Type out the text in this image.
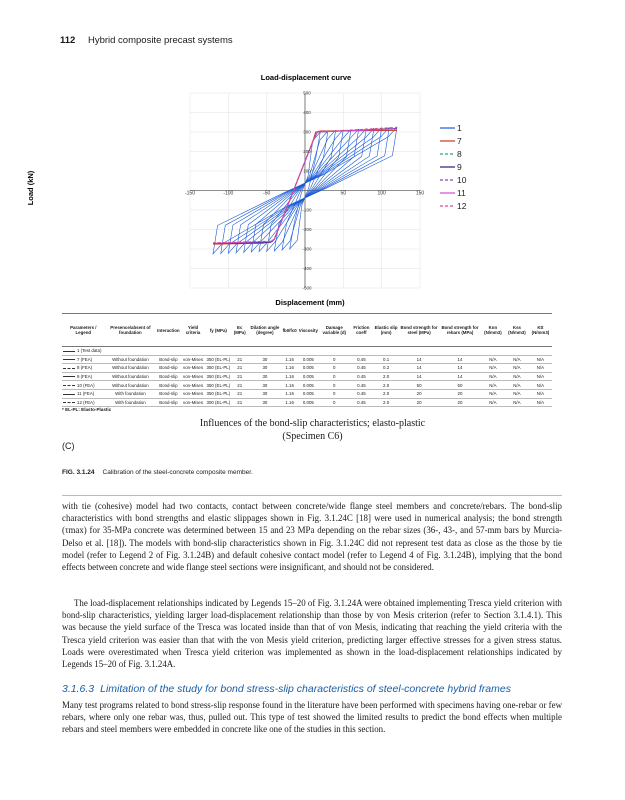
112 Hybrid composite precast systems
Load-displacement curve
-150	-100	-50	50	100	150
500
400
300
200
100
-100
-200
-300
-400
-500
Displacement (mm)
Load (kN)
1
7
8
9
10
11
12
Parameters / Legend	Presence/absent of foundation	Interaction	Yield criteria	fy (MPa)	Ec (MPa)	Dilation angle (degree)	fb0/fc0	Viscosity	Damage variable (d)	Friction coeff	Elastic slip (mm)	Bond strength for steel (MPa)	Bond strength for rebars (MPa)	Knn (N/mm3)	Kss (N/mm3)	Ktt (N/mm3)
1 (Test data)																
7 (FEA)	Without foundation	Bond-slip	von-Mises	350 (EL-PL)	21	30	1.16	0.005	0	0.45	0.1	14	14	N/A	N/A	N/A
8 (FEA)	Without foundation	Bond-slip	von-Mises	350 (EL-PL)	21	30	1.16	0.005	0	0.45	0.2	14	14	N/A	N/A	N/A
9 (FEA)	Without foundation	Bond-slip	von-Mises	350 (EL-PL)	21	30	1.16	0.005	0	0.45	2.0	14	14	N/A	N/A	N/A
10 (FEA)	Without foundation	Bond-slip	von-Mises	350 (EL-PL)	21	30	1.16	0.005	0	0.45	2.0	50	50	N/A	N/A	N/A
11 (FEA)	With foundation	Bond-slip	von-Mises	350 (EL-PL)	21	30	1.16	0.005	0	0.45	2.0	20	20	N/A	N/A	N/A
12 (FEA)	With foundation	Bond-slip	von-Mises	300 (EL-PL)	21	30	1.16	0.005	0	0.45	2.0	20	20	N/A	N/A	N/A
* EL-PL: Elasto-Plastic
Influences of the bond-slip characteristics; elasto-plastic
(Specimen C6)
(C)
FIG. 3.1.24 Calibration of the steel-concrete composite member.
with tie (cohesive) model had two contacts, contact between concrete/wide flange steel members and concrete/rebars. The bond-slip characteristics with bond strengths and elastic slippages shown in Fig. 3.1.24C [18] were used in numerical analysis; the bond strength (τmax) for 35-MPa concrete was determined between 15 and 23 MPa depending on the rebar sizes (36-, 43-, and 57-mm bars by Murcia-Delso et al. [18]). The models with bond-slip characteristics shown in Fig. 3.1.24C did not represent test data as close as the those by tie model (refer to Legend 2 of Fig. 3.1.24B) and default cohesive contact model (refer to Legend 4 of Fig. 3.1.24B), implying that the bond effects between concrete and wide flange steel sections were insignificant, and should not be considered.
The load-displacement relationships indicated by Legends 15–20 of Fig. 3.1.24A were obtained implementing Tresca yield criterion with bond-slip characteristics, yielding larger load-displacement relationship than those by von Mesis criterion (refer to Section 3.1.4.1). This was because the yield surface of the Tresca was located inside than that of von Mesis, indicating that reaching the yield criteria with the Tresca yield criterion was easier than that with the von Mesis yield criterion, predicting larger effective stresses for a given stress status. Loads were overestimated when Tresca yield criterion was implemented as shown in the load-displacement relationships indicated by Legends 15–20 of Fig. 3.1.24A.
3.1.6.3 Limitation of the study for bond stress-slip characteristics of steel-concrete hybrid frames
Many test programs related to bond stress-slip response found in the literature have been performed with specimens having one-rebar or few rebars, where only one rebar was, thus, pulled out. This type of test showed the limited results to predict the bond effects when multiple rebars and steel members were embedded in concrete like one of the studies in this section.
